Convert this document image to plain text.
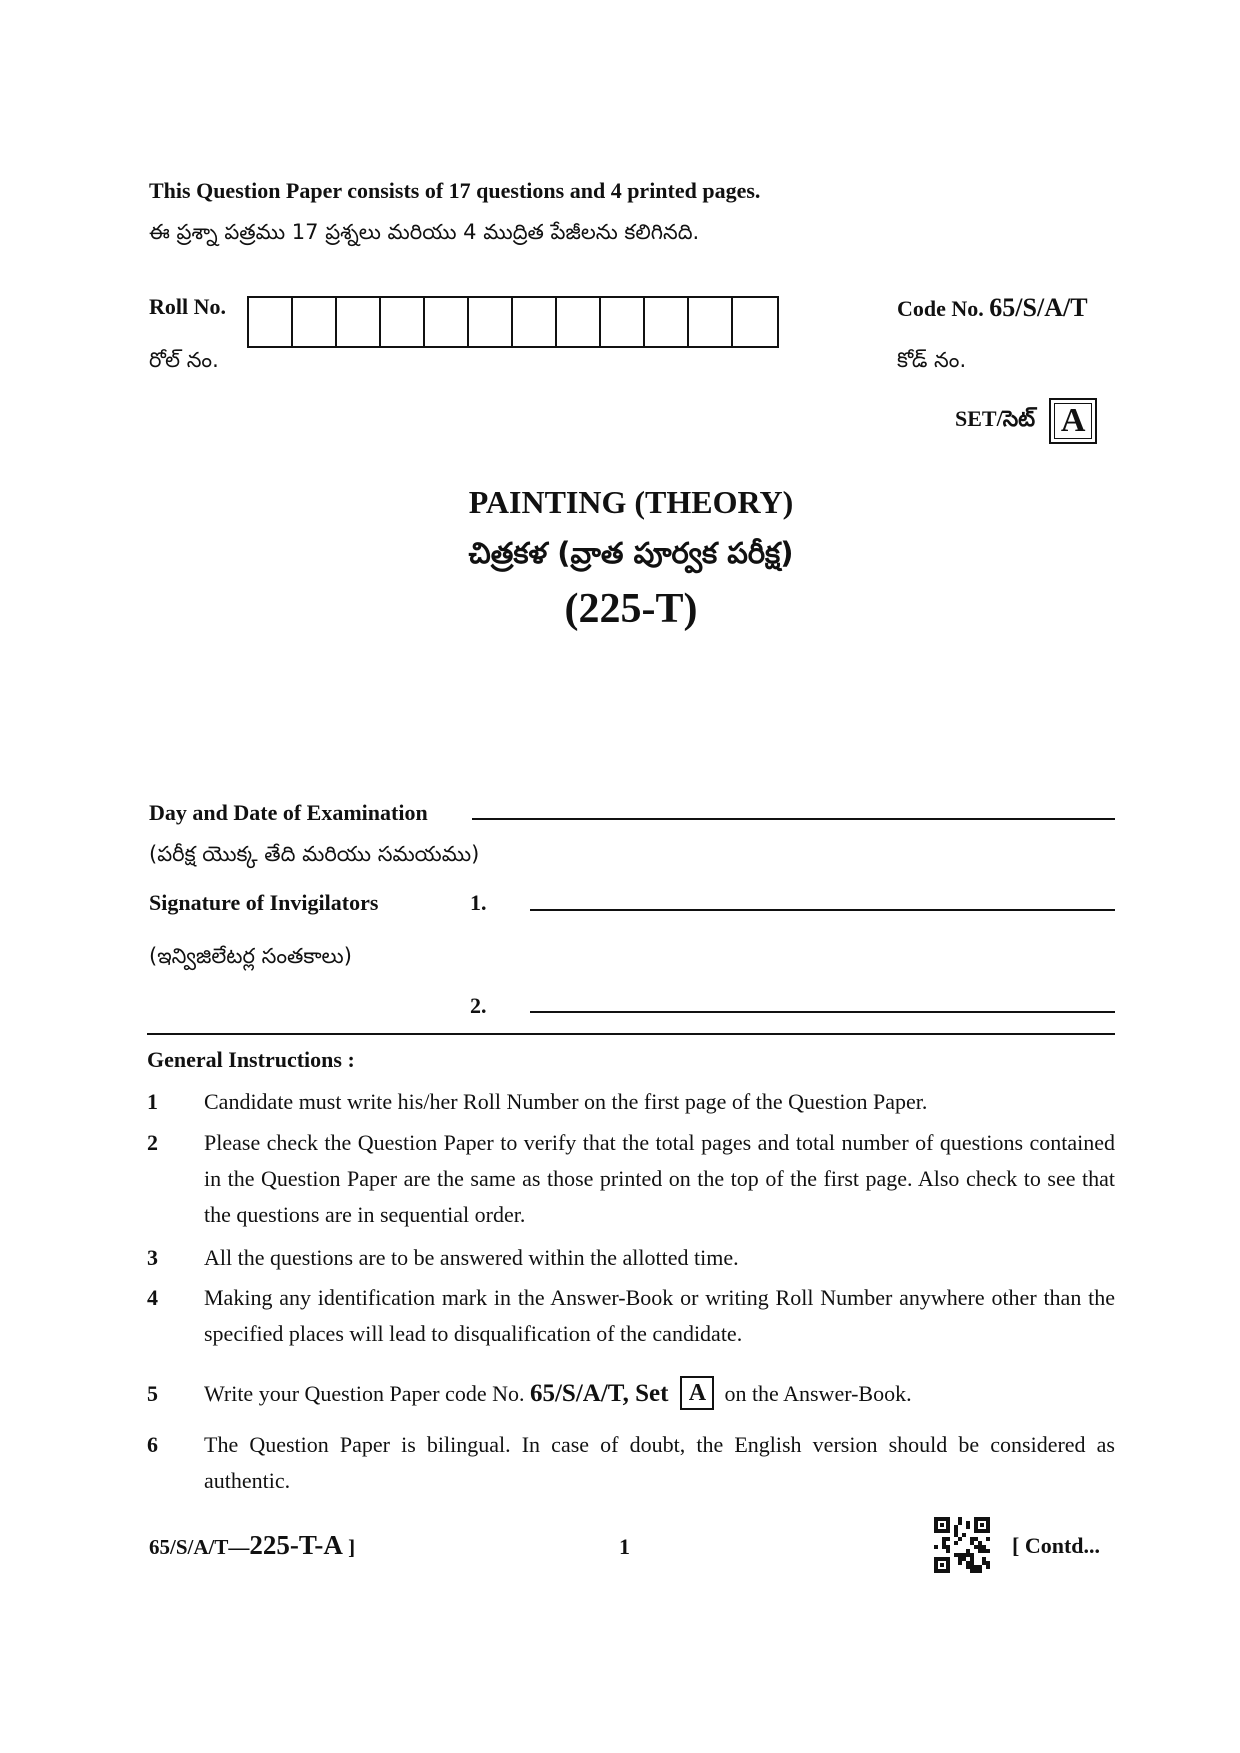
This Question Paper consists of 17 questions and 4 printed pages.
ఈ ప్రశ్నా పత్రము 17 ప్రశ్నలు మరియు 4 ముద్రిత పేజీలను కలిగినది.
Roll No.
రోల్ నం.
Code No. 65/S/A/T
కోడ్ నం.
SET/సెట్ A
PAINTING (THEORY)
చిత్రకళ (వ్రాత పూర్వక పరీక్ష)
(225-T)
Day and Date of Examination
(పరీక్ష యొక్క తేది మరియు సమయము)
Signature of Invigilators	1.
(ఇన్విజిలేటర్ల సంతకాలు)
2.
General Instructions :
1	Candidate must write his/her Roll Number on the first page of the Question Paper.
2	Please check the Question Paper to verify that the total pages and total number of questions contained in the Question Paper are the same as those printed on the top of the first page. Also check to see that the questions are in sequential order.
3	All the questions are to be answered within the allotted time.
4	Making any identification mark in the Answer-Book or writing Roll Number anywhere other than the specified places will lead to disqualification of the candidate.
5	Write your Question Paper code No. 65/S/A/T, Set A on the Answer-Book.
6	The Question Paper is bilingual. In case of doubt, the English version should be considered as authentic.
65/S/A/T—225-T-A ]	1	[ Contd...
